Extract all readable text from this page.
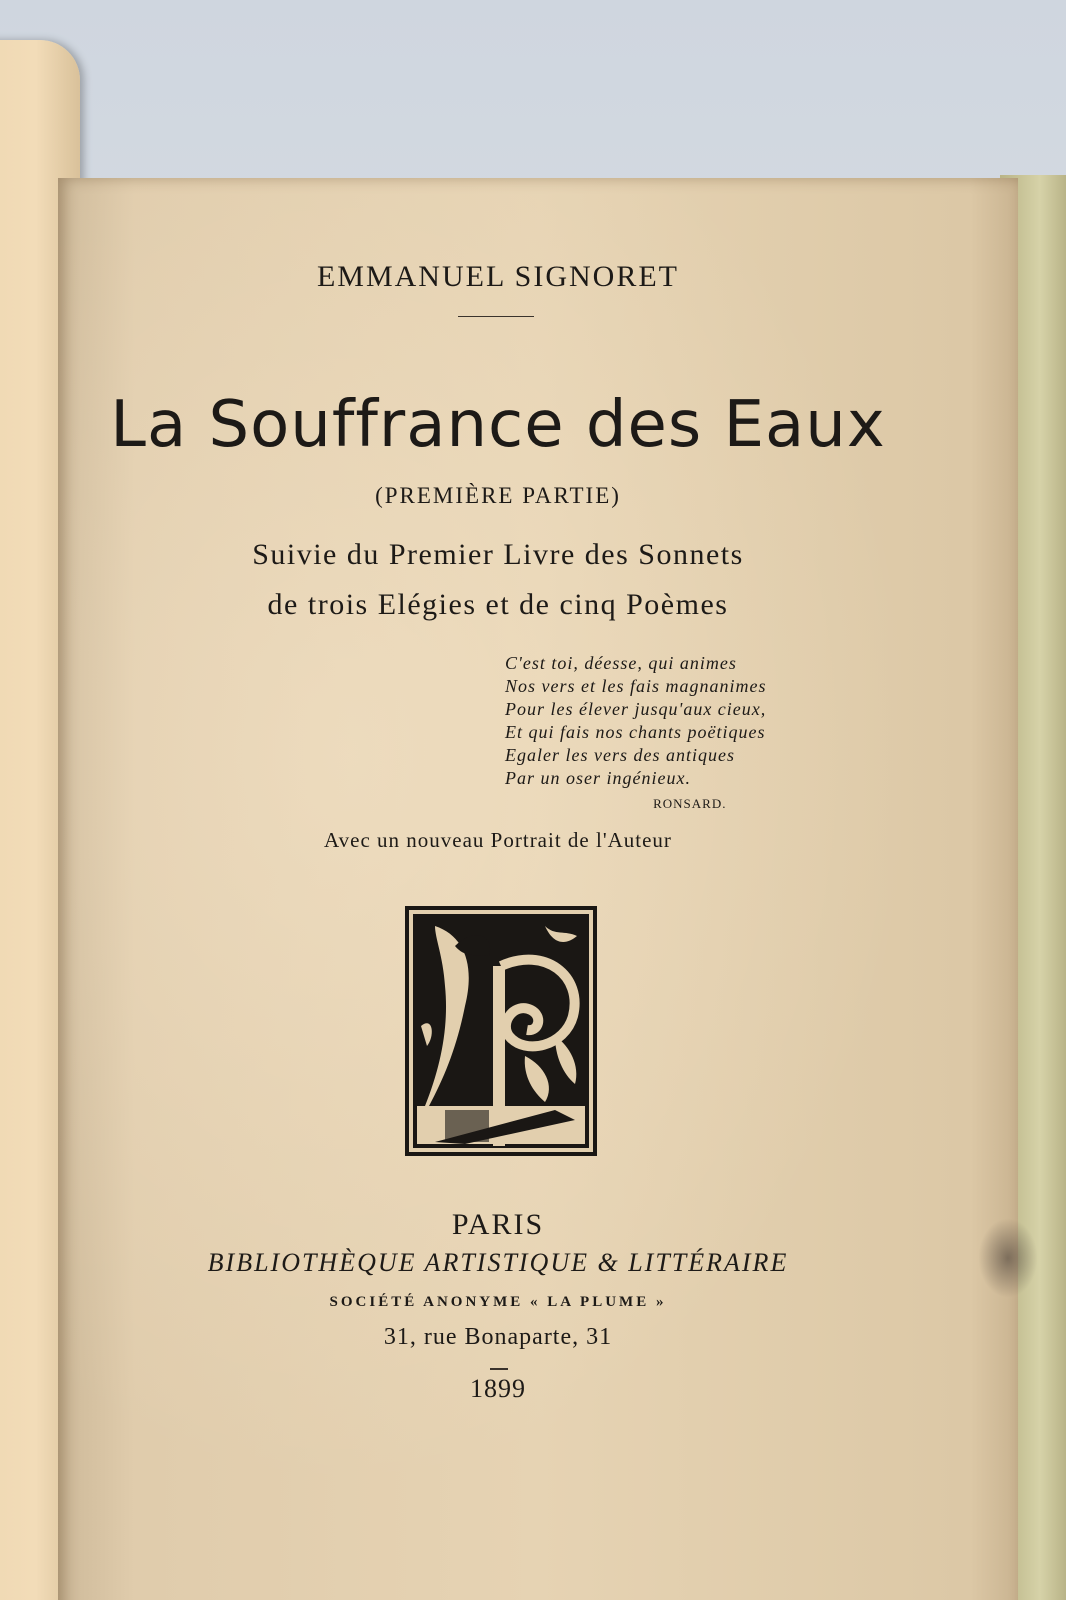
EMMANUEL SIGNORET
La Souffrance des Eaux
(PREMIÈRE PARTIE)
Suivie du Premier Livre des Sonnets
de trois Elégies et de cinq Poèmes
C'est toi, déesse, qui animes
Nos vers et les fais magnanimes
Pour les élever jusqu'aux cieux,
Et qui fais nos chants poëtiques
Egaler les vers des antiques
Par un oser ingénieux.
RONSARD.
Avec un nouveau Portrait de l'Auteur
PARIS
BIBLIOTHÈQUE ARTISTIQUE & LITTÉRAIRE
SOCIÉTÉ ANONYME « LA PLUME »
31, rue Bonaparte, 31
1899
